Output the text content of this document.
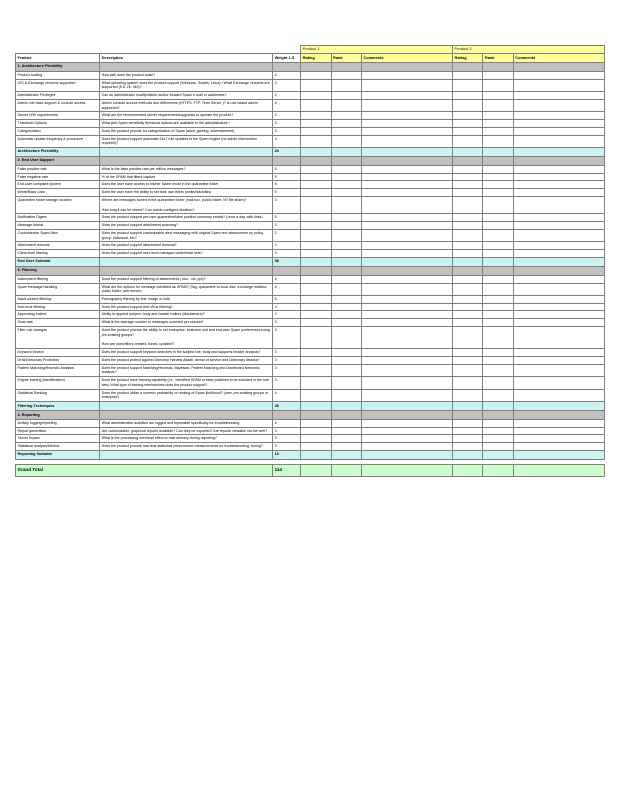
			Product 1			Product 2		
Feature	Description	Weight 1-5	Rating	Rank	Comments	Rating	Rank	Comments
1. Architecture Flexibility								
Product scaling	How well does the product scale?	4						
O/S & Exchange versions supported	What operating system does the product support (Windows, Solaris, Linux) / What Exchange versions are supported (5.5, 2k, 2k3)?	2						
Administrator Privileges	Can an administrator modify/delete and/or forward Spam e-mail or addresses?	2						
Admin role base support & console access	Admin console access methods and differences (HTTPS, FTP, Term Server )? Is role based admin supported?	4						
Server H/W requirements	What are the recommended server requirements/upgrades to operate the product?	2						
Threshold Options	What Anti-Spam sensitivity threshold options are available to the administrators?	3						
Categorization	Does the product provide for categorization of Spam (adult, gaming, advertisement)	3						
Automatic update frequency & procedure	Does the product support automatic 24x7 rule updates to the Spam engine (no admin intervention required)?	4						
Architecture Flexibility		24						
2. End User Support								
False positive rate	What is the false positive rate per million messages?	5						
False negative rate	% of the SPAM that filters capture	5						
End-user complaint system	Does the user have access to his/her Spam email in the quarantine folder	5						
White/Black Lists	Does the user have the ability to set their own filters (white/blacklists)	5						
Quarantine folder storage location	Where are messages stored in the quarantine folder (mail box, public folder, NT file share)?
How long it can be stored? Can admin configure duration?	3						
Notification Digest	Does the product support per-user quarantine/false positive summary emails? (once a day, with links)	5						
Message format	Does the product support attachment scanning?	3						
Customizable Spam Alert	Does the product support customizable alert messaging with original Spam text attachments by policy, group, individual, etc?	2						
Attachment removal	Does the product support attachment removal?	2						
Client level filtering	Does the product support user-level managed white/black lists?	3						
End User Subtotal		38						
3. Filtering								
Attachment filtering	Does the product support filtering of attachments (.doc, .xls, ppt)?	4						
Spam message handling	What are the options for message identified as SPAM? (Tag, quarantine to local disk, exchange mailbox, public folder, web server)	4						
Adult content filtering	Pornography filtering by text, image or both	5						
Anti-virus filtering	Does the product support Anti-Virus filtering?	2						
Appending trailers	Ability to append subject, body and header trailers (disclaimers)?	2						
Scan rate	What is the average number of messages scanned per second?	3						
Filter rule changes	Does the product provide the ability to set enterprise, business unit and end-user Spam preferences using pre-existing groups?
How are rules/filters created, tuned, updated?	3						
Keyword Search	Does the product support keyword searches in the subject line, body and supports header analysis?	3						
DHA/Dictionary Protection	Does the product protect against Directory Harvest Attack, denial of service and Dictionary Attacks?	3						
Pattern Matching/Heuristic Analysis	Does the product support Matching/Heuristic, Bayesian, Pattern Matching and Distributed Networks analysis?	3						
Engine training (identification)	Does the product have training capability (i.e., identified SPAM or false positives to be included in the rule sets) What type of training mechanisms does the product support?	3						
Statistical Ranking	Does the product utilize a numeric probability or ranking of Spam likelihood? (user, pre-existing groups or enterprise)	4						
Filtering Techniques		39						
4. Reporting								
Activity logging/reporting	What administrative activities are logged and reportable specifically for troubleshooting.	4						
Report generation	Are customizable, graphical reports available? Can they be exported? Are reports viewable via the web?	3						
Server impact	What is the processing overhead effect to mail delivery during reporting?	3						
Statistical analysis/Metrics	Does the product provide real time statistical performance measurements for troubleshooting, tuning?	3						
Reporting Subtotal		13						

Grand Total		114						
